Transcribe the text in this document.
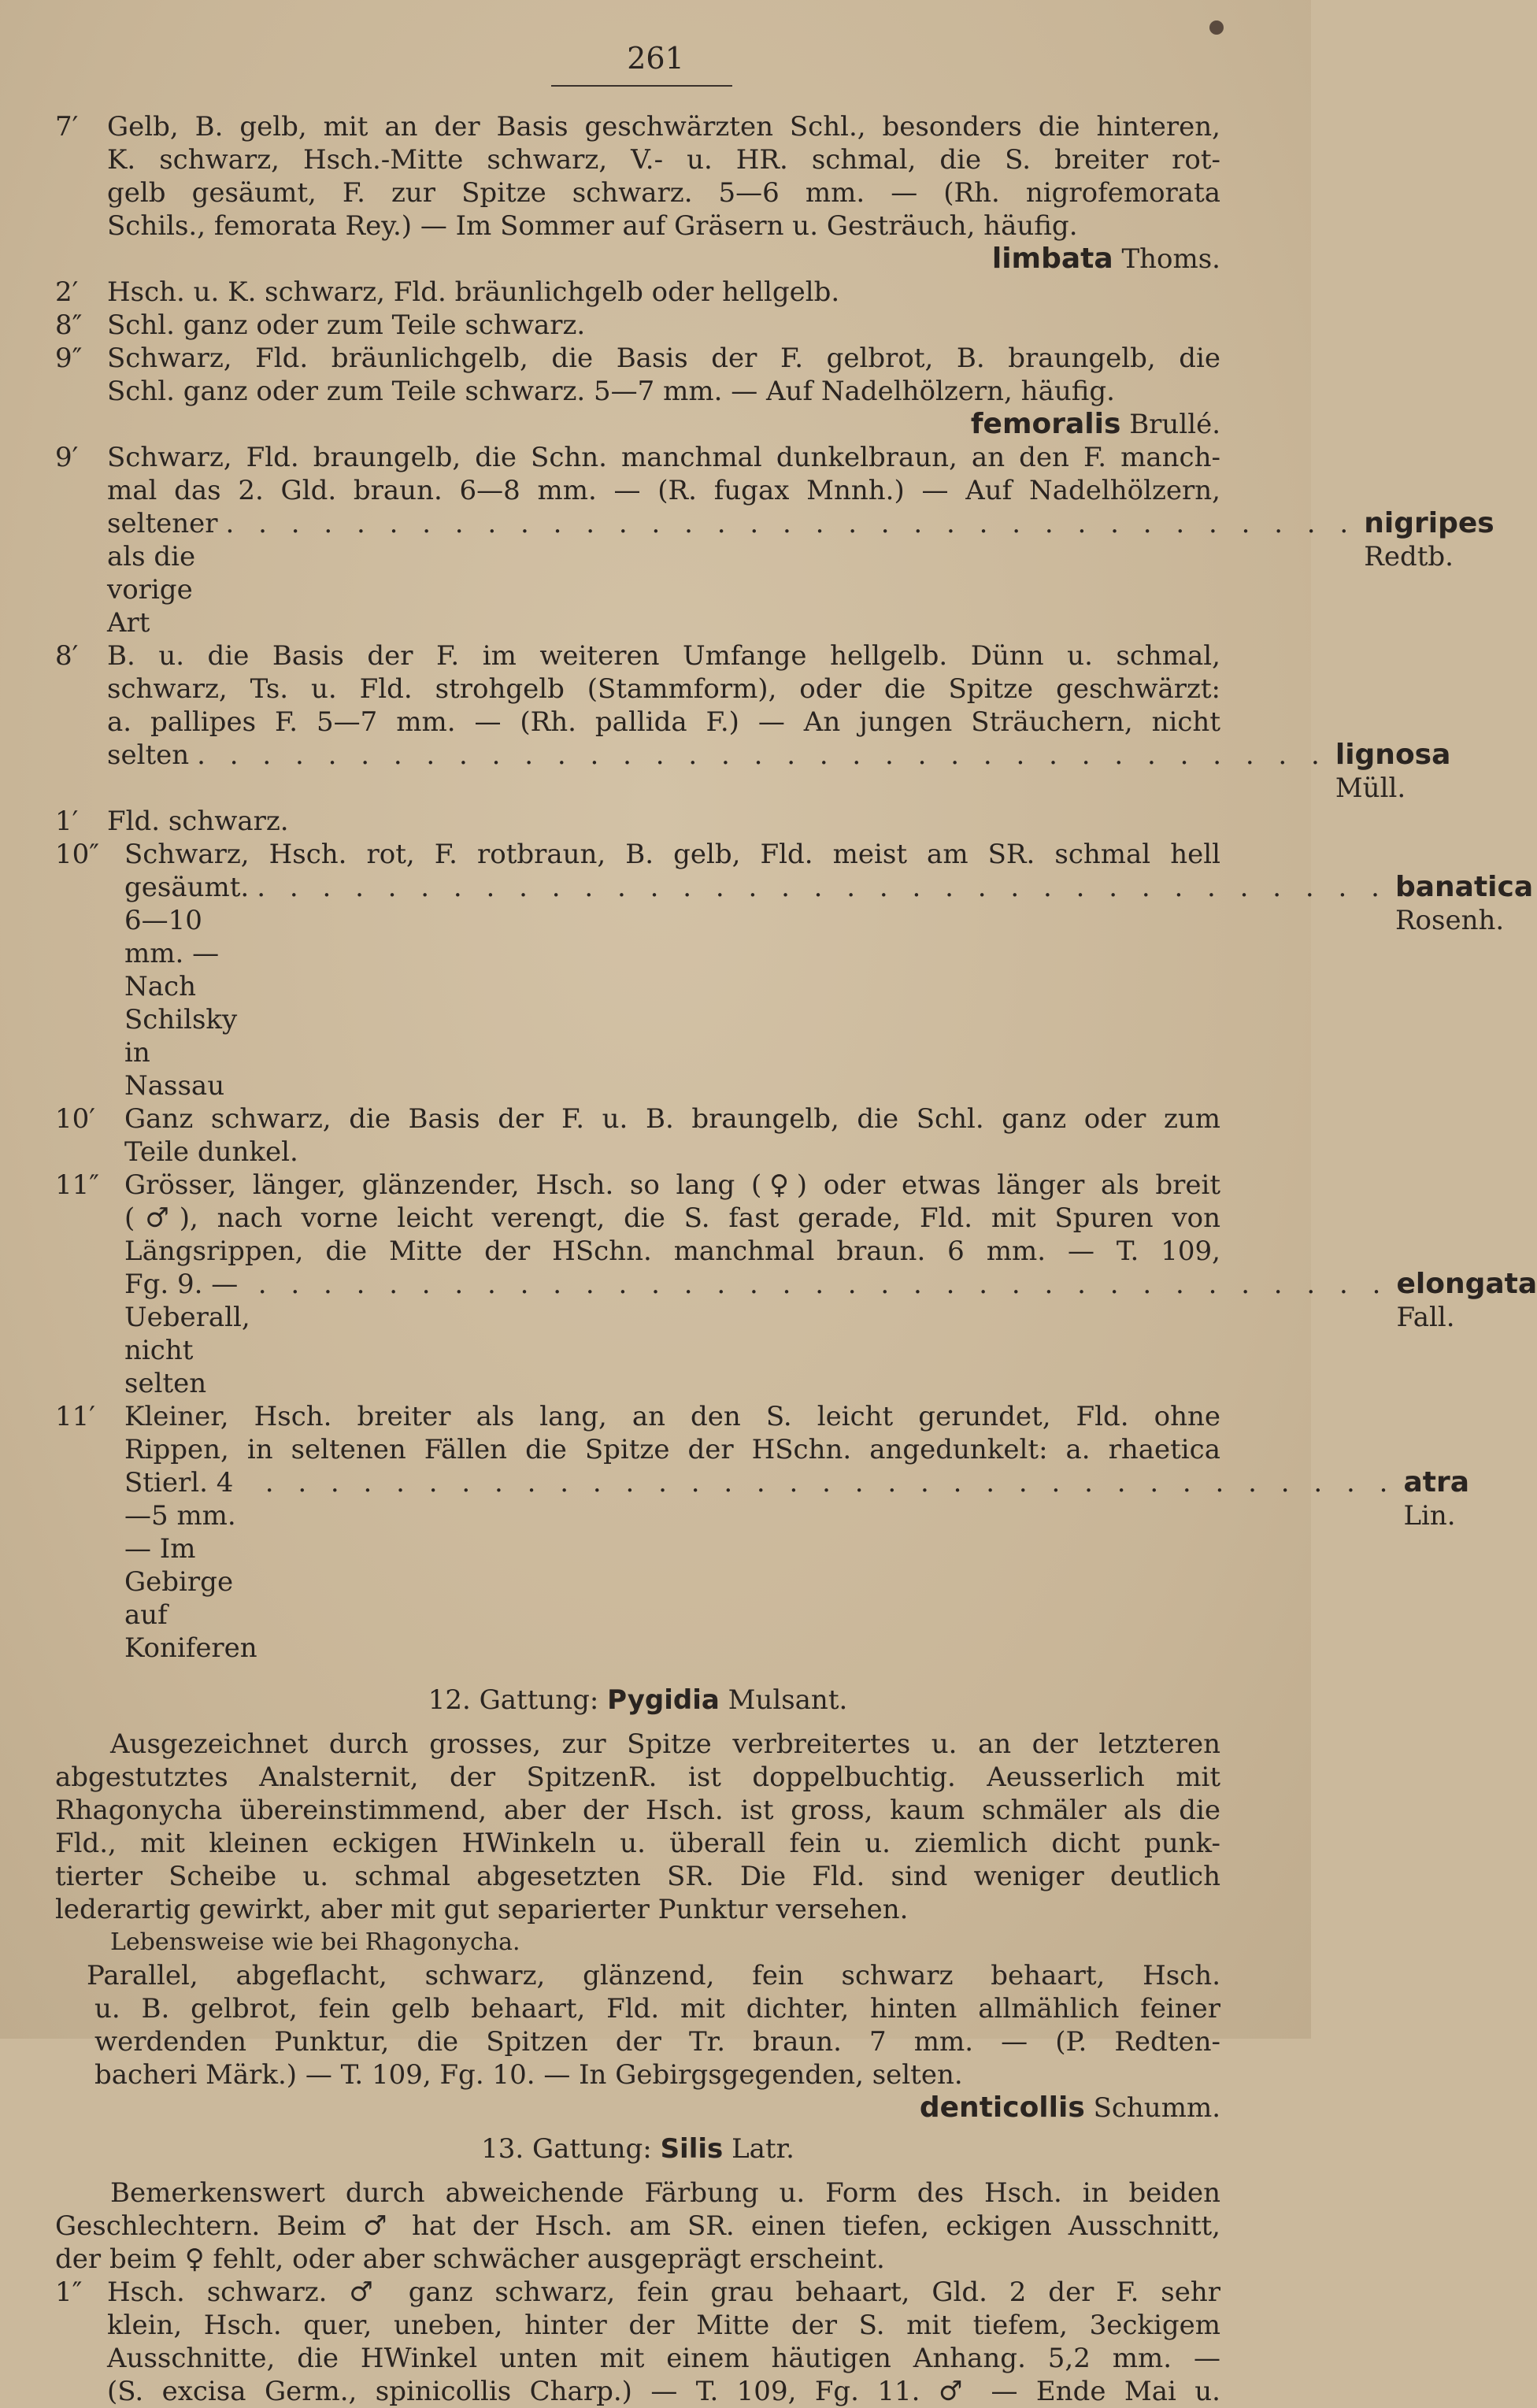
261
7′ Gelb, B. gelb, mit an der Basis geschwärzten Schl., besonders die hinteren,
K. schwarz, Hsch.-Mitte schwarz, V.- u. HR. schmal, die S. breiter rot-
gelb gesäumt, F. zur Spitze schwarz. 5—6 mm. — (Rh. nigrofemorata
Schils., femorata Rey.) — Im Sommer auf Gräsern u. Gesträuch, häufig.
limbata Thoms.
2′ Hsch. u. K. schwarz, Fld. bräunlichgelb oder hellgelb.
8″ Schl. ganz oder zum Teile schwarz.
9″ Schwarz, Fld. bräunlichgelb, die Basis der F. gelbrot, B. braungelb, die
Schl. ganz oder zum Teile schwarz. 5—7 mm. — Auf Nadelhölzern, häufig.
femoralis Brullé.
9′ Schwarz, Fld. braungelb, die Schn. manchmal dunkelbraun, an den F. manch-
mal das 2. Gld. braun. 6—8 mm. — (R. fugax Mnnh.) — Auf Nadelhölzern,
seltener als die vorige Art
. . . . . . . . . . . . . . . . . . . . . . . . . . . . . . . . . . . nigripes Redtb.
8′ B. u. die Basis der F. im weiteren Umfange hellgelb. Dünn u. schmal,
schwarz, Ts. u. Fld. strohgelb (Stammform), oder die Spitze geschwärzt:
a. pallipes F. 5—7 mm. — (Rh. pallida F.) — An jungen Sträuchern, nicht
selten . . . . . . . . . . . . . . . . . . . . . . . . . . . . . . . . . . . lignosa Müll.
1′ Fld. schwarz.
10″ Schwarz, Hsch. rot, F. rotbraun, B. gelb, Fld. meist am SR. schmal hell
gesäumt. 6—10 mm. — Nach Schilsky in Nassau
. . . . . . . . . . . . . . . . . . . . . . . . . . . . . . . . . . . banatica Rosenh.
10′ Ganz schwarz, die Basis der F. u. B. braungelb, die Schl. ganz oder zum
Teile dunkel.
11″ Grösser, länger, glänzender, Hsch. so lang (♀) oder etwas länger als breit
(♂), nach vorne leicht verengt, die S. fast gerade, Fld. mit Spuren von
Längsrippen, die Mitte der HSchn. manchmal braun. 6 mm. — T. 109,
Fg. 9. — Ueberall, nicht selten
. . . . . . . . . . . . . . . . . . . . . . . . . . . . . . . . . . . elongata Fall.
11′ Kleiner, Hsch. breiter als lang, an den S. leicht gerundet, Fld. ohne
Rippen, in seltenen Fällen die Spitze der HSchn. angedunkelt: a. rhaetica
Stierl. 4—5 mm. — Im Gebirge auf Koniferen
. . . . . . . . . . . . . . . . . . . . . . . . . . . . . . . . . . . atra Lin.
12. Gattung: Pygidia Mulsant.
Ausgezeichnet durch grosses, zur Spitze verbreitertes u. an der letzteren
abgestutztes Analsternit, der SpitzenR. ist doppelbuchtig. Aeusserlich mit
Rhagonycha übereinstimmend, aber der Hsch. ist gross, kaum schmäler als die
Fld., mit kleinen eckigen HWinkeln u. überall fein u. ziemlich dicht punk-
tierter Scheibe u. schmal abgesetzten SR. Die Fld. sind weniger deutlich
lederartig gewirkt, aber mit gut separierter Punktur versehen.
Lebensweise wie bei Rhagonycha.
Parallel, abgeflacht, schwarz, glänzend, fein schwarz behaart, Hsch.
u. B. gelbrot, fein gelb behaart, Fld. mit dichter, hinten allmählich feiner
werdenden Punktur, die Spitzen der Tr. braun. 7 mm. — (P. Redten-
bacheri Märk.) — T. 109, Fg. 10. — In Gebirgsgegenden, selten.
denticollis Schumm.
13. Gattung: Silis Latr.
Bemerkenswert durch abweichende Färbung u. Form des Hsch. in beiden
Geschlechtern. Beim ♂ hat der Hsch. am SR. einen tiefen, eckigen Ausschnitt,
der beim ♀ fehlt, oder aber schwächer ausgeprägt erscheint.
1″ Hsch. schwarz. ♂ ganz schwarz, fein grau behaart, Gld. 2 der F. sehr
klein, Hsch. quer, uneben, hinter der Mitte der S. mit tiefem, 3eckigem
Ausschnitte, die HWinkel unten mit einem häutigen Anhang. 5,2 mm. —
(S. excisa Germ., spinicollis Charp.) — T. 109, Fg. 11. ♂ — Ende Mai u.
